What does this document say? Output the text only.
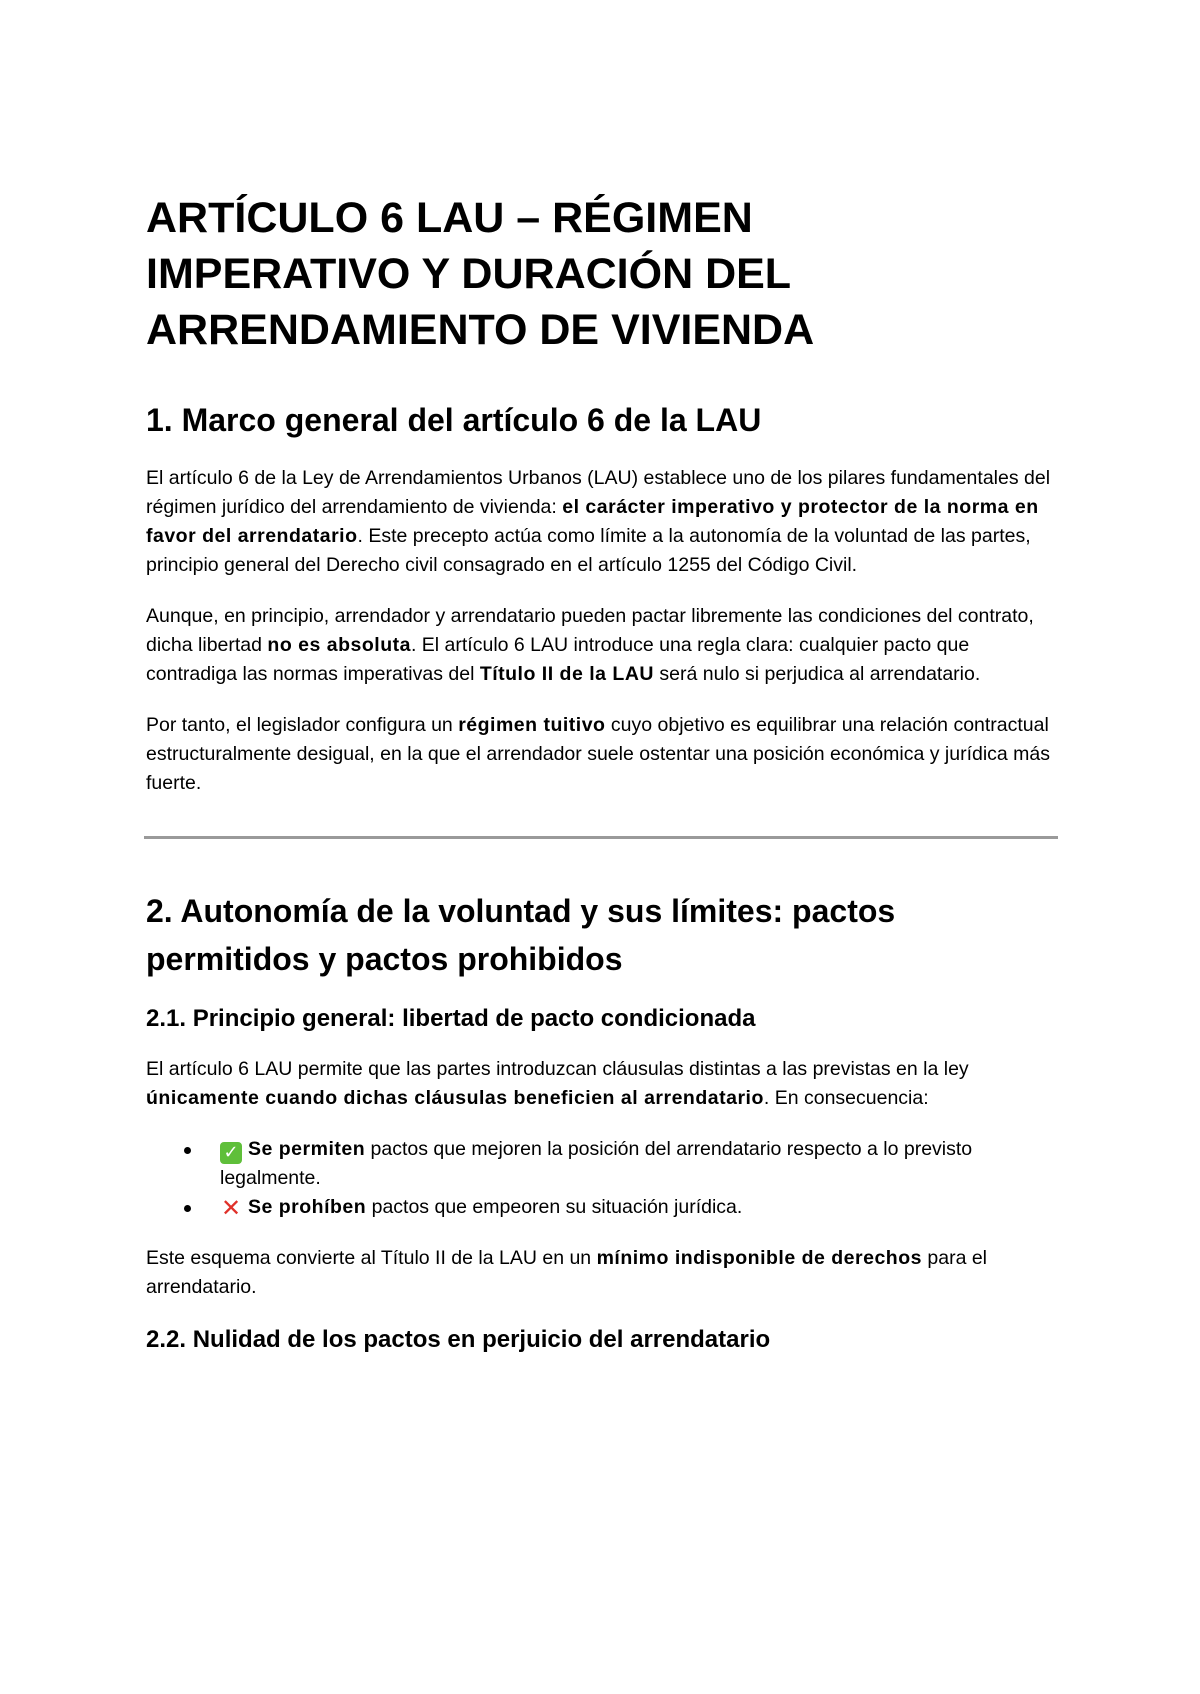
ARTÍCULO 6 LAU – RÉGIMEN
IMPERATIVO Y DURACIÓN DEL
ARRENDAMIENTO DE VIVIENDA
1. Marco general del artículo 6 de la LAU

El artículo 6 de la Ley de Arrendamientos Urbanos (LAU) establece uno de los pilares fundamentales del régimen jurídico del arrendamiento de vivienda: el carácter imperativo y protector de la norma en favor del arrendatario. Este precepto actúa como límite a la autonomía de la voluntad de las partes, principio general del Derecho civil consagrado en el artículo 1255 del Código Civil.

Aunque, en principio, arrendador y arrendatario pueden pactar libremente las condiciones del contrato, dicha libertad no es absoluta. El artículo 6 LAU introduce una regla clara: cualquier pacto que contradiga las normas imperativas del Título II de la LAU será nulo si perjudica al arrendatario.

Por tanto, el legislador configura un régimen tuitivo cuyo objetivo es equilibrar una relación contractual estructuralmente desigual, en la que el arrendador suele ostentar una posición económica y jurídica más fuerte.

2. Autonomía de la voluntad y sus límites: pactos
permitidos y pactos prohibidos
2.1. Principio general: libertad de pacto condicionada

El artículo 6 LAU permite que las partes introduzcan cláusulas distintas a las previstas en la ley únicamente cuando dichas cláusulas beneficien al arrendatario. En consecuencia:

✓ Se permiten pactos que mejoren la posición del arrendatario respecto a lo previsto legalmente.
✕ Se prohíben pactos que empeoren su situación jurídica.

Este esquema convierte al Título II de la LAU en un mínimo indisponible de derechos para el arrendatario.

2.2. Nulidad de los pactos en perjuicio del arrendatario
